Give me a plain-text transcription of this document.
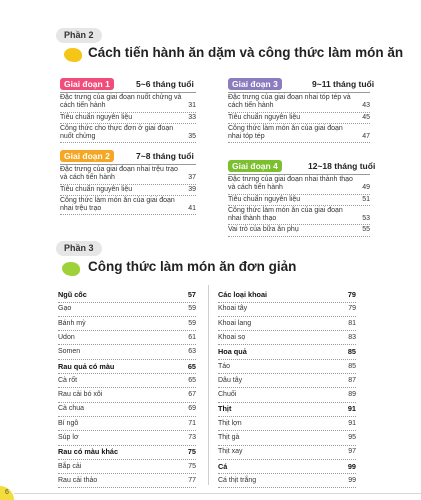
Phần 2
Cách tiến hành ăn dặm và công thức làm món ăn
Giai đoạn 1	5~6 tháng tuổi
Đặc trưng của giai đoạn nuốt chửng và cách tiến hành	31
Tiêu chuẩn nguyên liệu	33
Công thức cho thực đơn ở giai đoạn nuốt chửng	35
Giai đoạn 2	7~8 tháng tuổi
Đặc trưng của giai đoạn nhai trệu trạo và cách tiến hành	37
Tiêu chuẩn nguyên liệu	39
Công thức làm món ăn của giai đoạn nhai trệu trạo	41
Giai đoạn 3	9~11 tháng tuổi
Đặc trưng của giai đoạn nhai tóp tép và cách tiến hành	43
Tiêu chuẩn nguyên liệu	45
Công thức làm món ăn của giai đoạn nhai tóp tép	47
Giai đoạn 4	12~18 tháng tuổi
Đặc trưng của giai đoạn nhai thành thạo và cách tiến hành	49
Tiêu chuẩn nguyên liệu	51
Công thức làm món ăn của giai đoạn nhai thành thạo	53
Vai trò của bữa ăn phụ	55
Phần 3
Công thức làm món ăn đơn giản
Ngũ cốc	57
Gạo	59
Bánh mỳ	59
Udon	61
Somen	63
Rau quả có màu	65
Cà rốt	65
Rau cải bó xôi	67
Cà chua	69
Bí ngô	71
Súp lơ	73
Rau có màu khác	75
Bắp cải	75
Rau cải thảo	77
Các loại khoai	79
Khoai tây	79
Khoai lang	81
Khoai sọ	83
Hoa quả	85
Táo	85
Dâu tây	87
Chuối	89
Thịt	91
Thịt lợn	91
Thịt gà	95
Thịt xay	97
Cá	99
Cá thịt trắng	99
6
